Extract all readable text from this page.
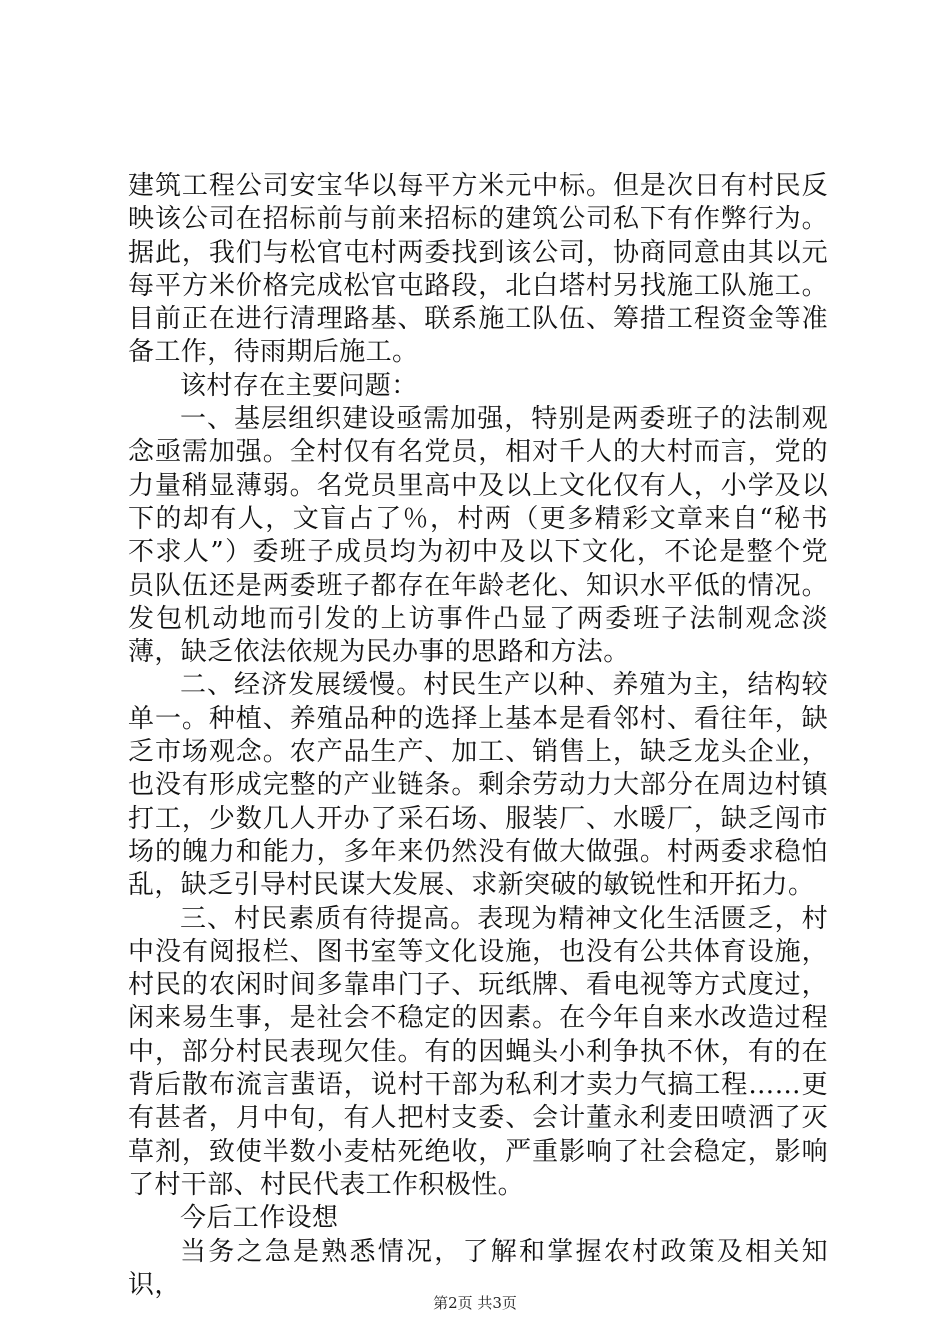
建筑工程公司安宝华以每平方米元中标。但是次日有村民反映该公司在招标前与前来招标的建筑公司私下有作弊行为。据此，我们与松官屯村两委找到该公司，协商同意由其以元每平方米价格完成松官屯路段，北白塔村另找施工队施工。目前正在进行清理路基、联系施工队伍、筹措工程资金等准备工作，待雨期后施工。

该村存在主要问题：

一、基层组织建设亟需加强，特别是两委班子的法制观念亟需加强。全村仅有名党员，相对千人的大村而言，党的力量稍显薄弱。名党员里高中及以上文化仅有人，小学及以下的却有人，文盲占了％，村两（更多精彩文章来自“秘书不求人”）委班子成员均为初中及以下文化，不论是整个党员队伍还是两委班子都存在年龄老化、知识水平低的情况。发包机动地而引发的上访事件凸显了两委班子法制观念淡薄，缺乏依法依规为民办事的思路和方法。

二、经济发展缓慢。村民生产以种、养殖为主，结构较单一。种植、养殖品种的选择上基本是看邻村、看往年，缺乏市场观念。农产品生产、加工、销售上，缺乏龙头企业，也没有形成完整的产业链条。剩余劳动力大部分在周边村镇打工，少数几人开办了采石场、服装厂、水暖厂，缺乏闯市场的魄力和能力，多年来仍然没有做大做强。村两委求稳怕乱，缺乏引导村民谋大发展、求新突破的敏锐性和开拓力。

三、村民素质有待提高。表现为精神文化生活匮乏，村中没有阅报栏、图书室等文化设施，也没有公共体育设施，村民的农闲时间多靠串门子、玩纸牌、看电视等方式度过，闲来易生事，是社会不稳定的因素。在今年自来水改造过程中，部分村民表现欠佳。有的因蝇头小利争执不休，有的在背后散布流言蜚语，说村干部为私利才卖力气搞工程……更有甚者，月中旬，有人把村支委、会计董永利麦田喷洒了灭草剂，致使半数小麦枯死绝收，严重影响了社会稳定，影响了村干部、村民代表工作积极性。

今后工作设想

当务之急是熟悉情况，了解和掌握农村政策及相关知识，

第2页 共3页
